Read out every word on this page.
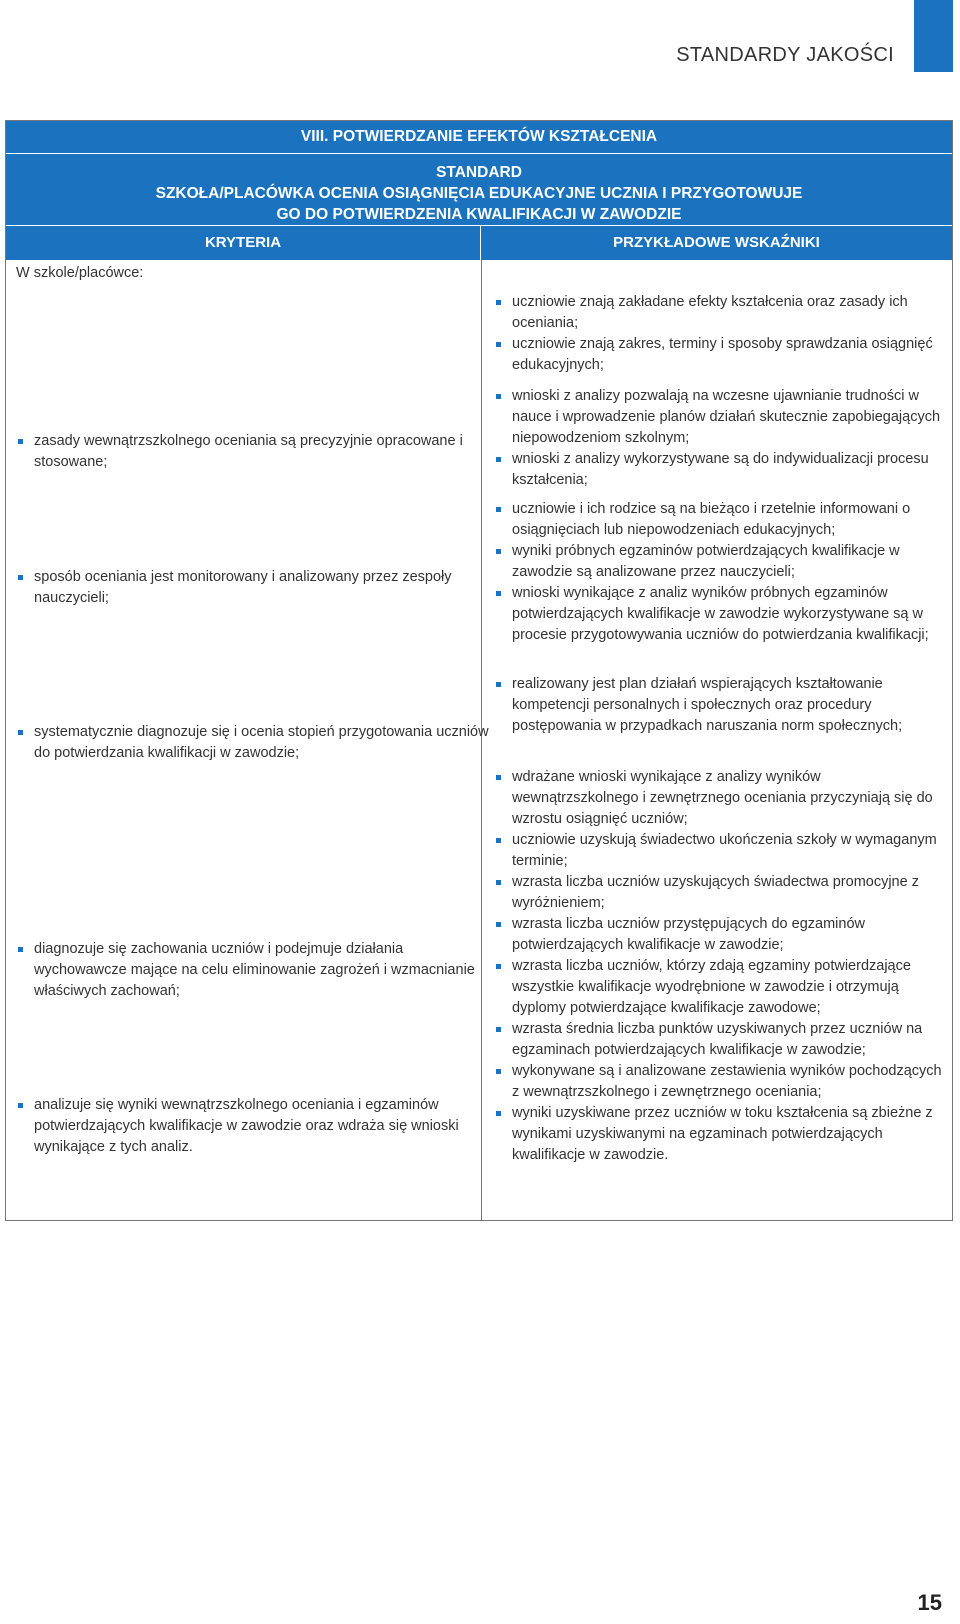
STANDARDY JAKOŚCI
VIII. POTWIERDZANIE EFEKTÓW KSZTAŁCENIA
STANDARD
SZKOŁA/PLACÓWKA OCENIA OSIĄGNIĘCIA EDUKACYJNE UCZNIA I PRZYGOTOWUJE
GO DO POTWIERDZENIA KWALIFIKACJI W ZAWODZIE
KRYTERIA	PRZYKŁADOWE WSKAŹNIKI
W szkole/placówce:
zasady wewnątrzszkolnego oceniania są precyzyjnie opracowane i stosowane;
sposób oceniania jest monitorowany i analizowany przez zespoły nauczycieli;
systematycznie diagnozuje się i ocenia stopień przygotowania uczniów do potwierdzania kwalifikacji w zawodzie;
diagnozuje się zachowania uczniów i podejmuje działania wychowawcze mające na celu eliminowanie zagrożeń i wzmacnianie właściwych zachowań;
analizuje się wyniki wewnątrzszkolnego oceniania i egzaminów potwierdzających kwalifikacje w zawodzie oraz wdraża się wnioski wynikające z tych analiz.
uczniowie znają zakładane efekty kształcenia oraz zasady ich oceniania;
uczniowie znają zakres, terminy i sposoby sprawdzania osiągnięć edukacyjnych;
wnioski z analizy pozwalają na wczesne ujawnianie trudności w nauce i wprowadzenie planów działań skutecznie zapobiegających niepowodzeniom szkolnym;
wnioski z analizy wykorzystywane są do indywidualizacji procesu kształcenia;
uczniowie i ich rodzice są na bieżąco i rzetelnie informowani o osiągnięciach lub niepowodzeniach edukacyjnych;
wyniki próbnych egzaminów potwierdzających kwalifikacje w zawodzie są analizowane przez nauczycieli;
wnioski wynikające z analiz wyników próbnych egzaminów potwierdzających kwalifikacje w zawodzie wykorzystywane są w procesie przygotowywania uczniów do potwierdzania kwalifikacji;
realizowany jest plan działań wspierających kształtowanie kompetencji personalnych i społecznych oraz procedury postępowania w przypadkach naruszania norm społecznych;
wdrażane wnioski wynikające z analizy wyników wewnątrzszkolnego i zewnętrznego oceniania przyczyniają się do wzrostu osiągnięć uczniów;
uczniowie uzyskują świadectwo ukończenia szkoły w wymaganym terminie;
wzrasta liczba uczniów uzyskujących świadectwa promocyjne z wyróżnieniem;
wzrasta liczba uczniów przystępujących do egzaminów potwierdzających kwalifikacje w zawodzie;
wzrasta liczba uczniów, którzy zdają egzaminy potwierdzające wszystkie kwalifikacje wyodrębnione w zawodzie i otrzymują dyplomy potwierdzające kwalifikacje zawodowe;
wzrasta średnia liczba punktów uzyskiwanych przez uczniów na egzaminach potwierdzających kwalifikacje w zawodzie;
wykonywane są i analizowane zestawienia wyników pochodzących z wewnątrzszkolnego i zewnętrznego oceniania;
wyniki uzyskiwane przez uczniów w toku kształcenia są zbieżne z wynikami uzyskiwanymi na egzaminach potwierdzających kwalifikacje w zawodzie.
15
